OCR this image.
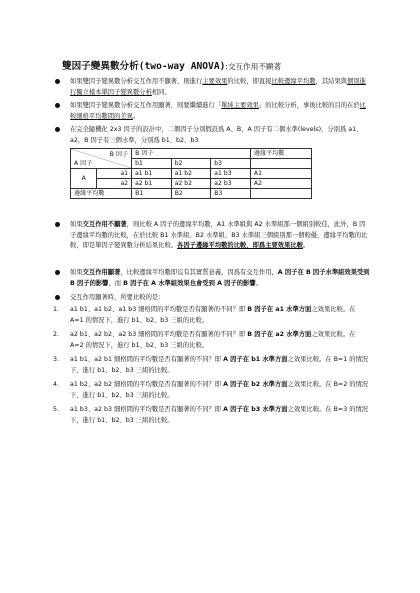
雙因子變異數分析(two-way ANOVA):交互作用不顯著
如果雙因子變異數分析交互作用不顯著，則進行主要效果的比較，即直接比較邊緣平均數，其結果與個別進行獨立樣本單因子變異數分析相同。
如果雙因子變異數分析交互作用顯著，則要繼續進行「單純主要效果」的比較分析，事後比較的目的在於比較細格平均數間的差異。
在完全隨機化 2x3 因子的設計中，二個因子分別假設爲 A、B，A 因子有二個水準(levels)，分別爲 a1、a2，B 因子有三個水準，分別爲 b1、b2、b3
B 因子
A 因子		B 因子			邊緣平均數
		b1	b2	b3	
A	a1	a1 b1	a1 b2	a1 b3	A1
	a2	a2 b1	a2 b2	a2 b3	A2
邊緣平均數		B1	B2	B3	
如果交互作用不顯著，則比較 A 因子的邊緣平均數，A1 水準組與 A2 水準組那一個組別較佳，此外，B 因子邊緣平均數的比較，在於比較 B1 水準組、B2 水準組、B3 水準組三個組別那一個較優，邊緣平均數的比較，即是單因子變異數分析結果比較。各因子邊緣平均數的比較，即爲主要效果比較。
如果交互作用顯著，比較邊緣平均數即沒有其實質意義，因爲有交互作用，A 因子在 B 因子水準組效果受到 B 因子的影響，而 B 因子在 A 水準組效果也會受到 A 因子的影響。
交互作用顯著時，所要比較的是：
1. a1 b1、a1 b2、a1 b3 細格間的平均數是否有顯著的不同？即 B 因子在 a1 水準方面之效果比較。在 A=1 的情況下，進行 b1、b2、b3 三組的比較。
2. a2 b1、a2 b2、a2 b3 細格間的平均數是否有顯著的不同？即 B 因子在 a2 水準方面之效果比較。在 A=2 的情況下，進行 b1、b2、b3 三組的比較。
3. a1 b1、a2 b1 細格間的平均數是否有顯著的不同？即 A 因子在 b1 水準方面之效果比較。在 B=1 的情況下，進行 b1、b2、b3 三組的比較。
4. a1 b2、a2 b2 細格間的平均數是否有顯著的不同？即 A 因子在 b2 水準方面之效果比較。在 B=2 的情況下，進行 b1、b2、b3 三組的比較。
5. a1 b3、a2 b3 細格間的平均數是否有顯著的不同？即 A 因子在 b3 水準方面之效果比較。在 B=3 的情況下，進行 b1、b2、b3 三組的比較。
